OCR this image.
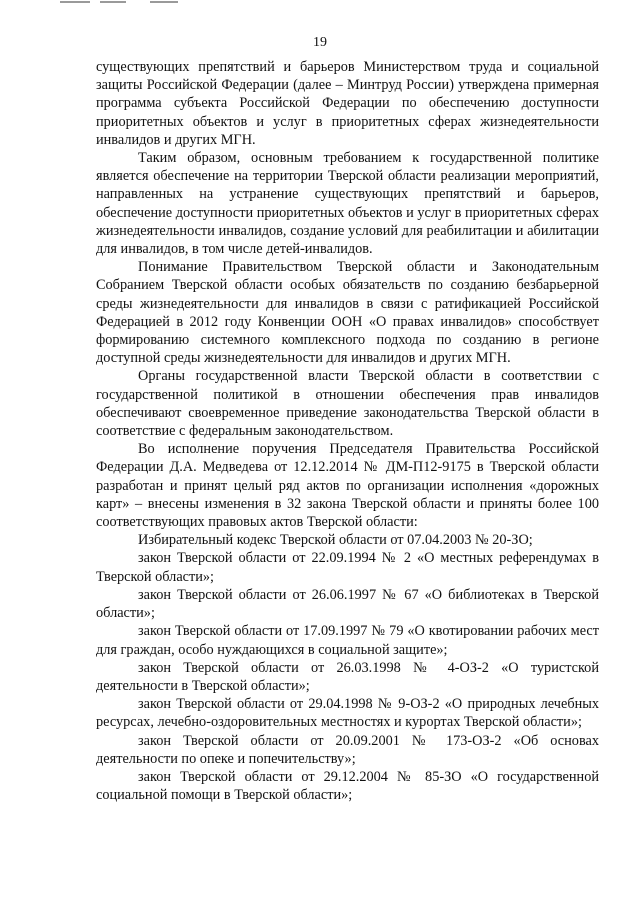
19

существующих препятствий и барьеров Министерством труда и социальной защиты Российской Федерации (далее – Минтруд России) утверждена примерная программа субъекта Российской Федерации по обеспечению доступности приоритетных объектов и услуг в приоритетных сферах жизнедеятельности инвалидов и других МГН.

Таким образом, основным требованием к государственной политике является обеспечение на территории Тверской области реализации мероприятий, направленных на устранение существующих препятствий и барьеров, обеспечение доступности приоритетных объектов и услуг в приоритетных сферах жизнедеятельности инвалидов, создание условий для реабилитации и абилитации для инвалидов, в том числе детей-инвалидов.

Понимание Правительством Тверской области и Законодательным Собранием Тверской области особых обязательств по созданию безбарьерной среды жизнедеятельности для инвалидов в связи с ратификацией Российской Федерацией в 2012 году Конвенции ООН «О правах инвалидов» способствует формированию системного комплексного подхода по созданию в регионе доступной среды жизнедеятельности для инвалидов и других МГН.

Органы государственной власти Тверской области в соответствии с государственной политикой в отношении обеспечения прав инвалидов обеспечивают своевременное приведение законодательства Тверской области в соответствие с федеральным законодательством.

Во исполнение поручения Председателя Правительства Российской Федерации Д.А. Медведева от 12.12.2014 № ДМ-П12-9175 в Тверской области разработан и принят целый ряд актов по организации исполнения «дорожных карт» – внесены изменения в 32 закона Тверской области и приняты более 100 соответствующих правовых актов Тверской области:

Избирательный кодекс Тверской области от 07.04.2003 № 20-ЗО;

закон Тверской области от 22.09.1994 № 2 «О местных референдумах в Тверской области»;

закон Тверской области от 26.06.1997 № 67 «О библиотеках в Тверской области»;

закон Тверской области от 17.09.1997 № 79 «О квотировании рабочих мест для граждан, особо нуждающихся в социальной защите»;

закон Тверской области от 26.03.1998 № 4-ОЗ-2 «О туристской деятельности в Тверской области»;

закон Тверской области от 29.04.1998 № 9-ОЗ-2 «О природных лечебных ресурсах, лечебно-оздоровительных местностях и курортах Тверской области»;

закон Тверской области от 20.09.2001 № 173-ОЗ-2 «Об основах деятельности по опеке и попечительству»;

закон Тверской области от 29.12.2004 № 85-ЗО «О государственной социальной помощи в Тверской области»;
